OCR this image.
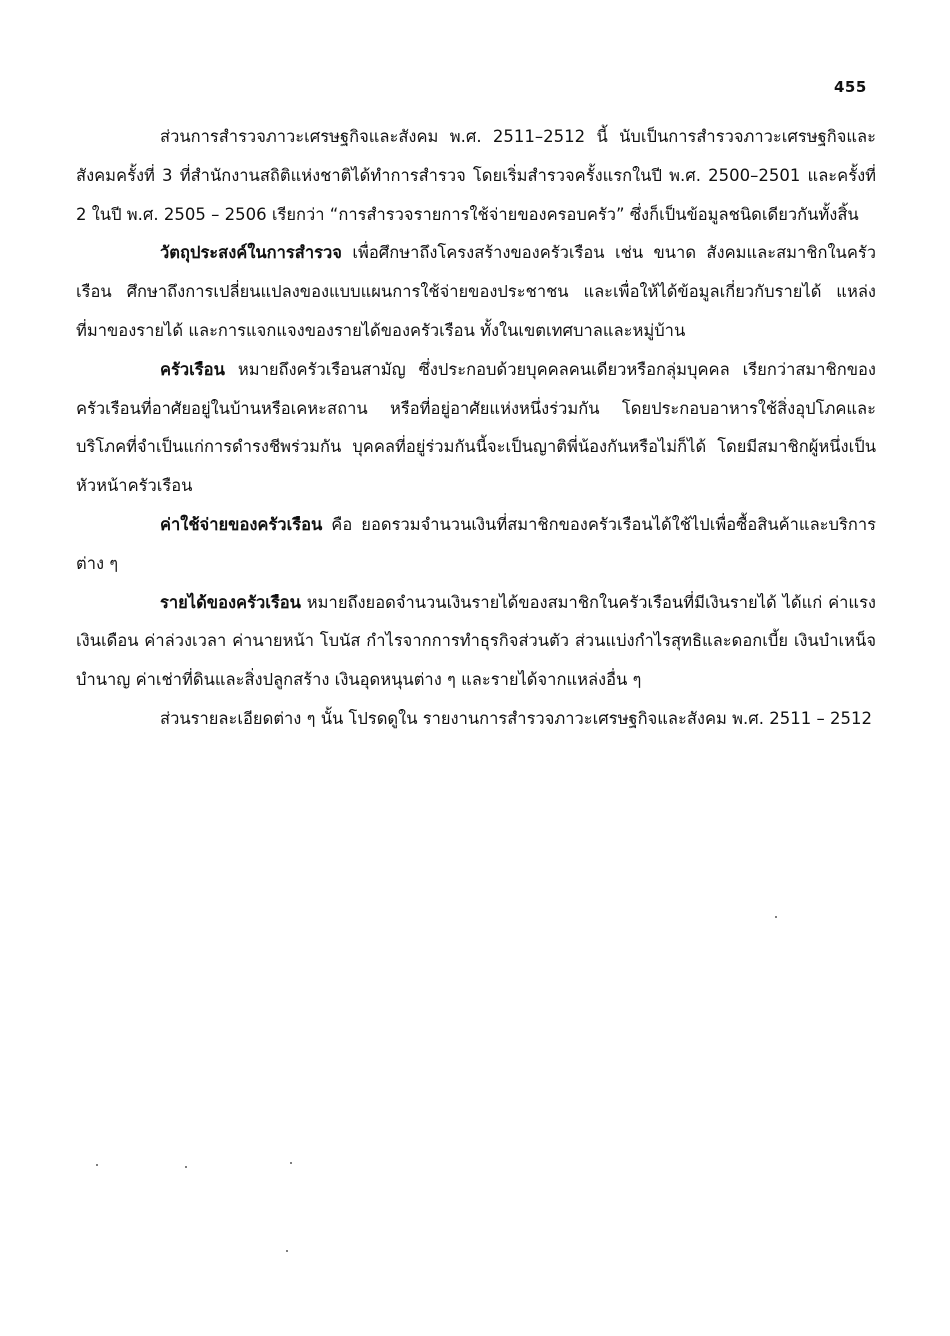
455

ส่วนการสำรวจภาวะเศรษฐกิจและสังคม พ.ศ. 2511–2512 นี้ นับเป็นการสำรวจภาวะเศรษฐกิจและสังคมครั้งที่ 3 ที่สำนักงานสถิติแห่งชาติได้ทำการสำรวจ โดยเริ่มสำรวจครั้งแรกในปี พ.ศ. 2500–2501 และครั้งที่ 2 ในปี พ.ศ. 2505 – 2506 เรียกว่า “การสำรวจรายการใช้จ่ายของครอบครัว” ซึ่งก็เป็นข้อมูลชนิดเดียวกันทั้งสิ้น

วัตถุประสงค์ในการสำรวจ เพื่อศึกษาถึงโครงสร้างของครัวเรือน เช่น ขนาด สังคมและสมาชิกในครัวเรือน ศึกษาถึงการเปลี่ยนแปลงของแบบแผนการใช้จ่ายของประชาชน และเพื่อให้ได้ข้อมูลเกี่ยวกับรายได้ แหล่งที่มาของรายได้ และการแจกแจงของรายได้ของครัวเรือน ทั้งในเขตเทศบาลและหมู่บ้าน

ครัวเรือน หมายถึงครัวเรือนสามัญ ซึ่งประกอบด้วยบุคคลคนเดียวหรือกลุ่มบุคคล เรียกว่าสมาชิกของครัวเรือนที่อาศัยอยู่ในบ้านหรือเคหะสถาน หรือที่อยู่อาศัยแห่งหนึ่งร่วมกัน โดยประกอบอาหารใช้สิ่งอุปโภคและบริโภคที่จำเป็นแก่การดำรงชีพร่วมกัน บุคคลที่อยู่ร่วมกันนี้จะเป็นญาติพี่น้องกันหรือไม่ก็ได้ โดยมีสมาชิกผู้หนึ่งเป็นหัวหน้าครัวเรือน

ค่าใช้จ่ายของครัวเรือน คือ ยอดรวมจำนวนเงินที่สมาชิกของครัวเรือนได้ใช้ไปเพื่อซื้อสินค้าและบริการต่าง ๆ

รายได้ของครัวเรือน หมายถึงยอดจำนวนเงินรายได้ของสมาชิกในครัวเรือนที่มีเงินรายได้ ได้แก่ ค่าแรง เงินเดือน ค่าล่วงเวลา ค่านายหน้า โบนัส กำไรจากการทำธุรกิจส่วนตัว ส่วนแบ่งกำไรสุทธิและดอกเบี้ย เงินบำเหน็จบำนาญ ค่าเช่าที่ดินและสิ่งปลูกสร้าง เงินอุดหนุนต่าง ๆ และรายได้จากแหล่งอื่น ๆ

ส่วนรายละเอียดต่าง ๆ นั้น โปรดดูใน รายงานการสำรวจภาวะเศรษฐกิจและสังคม พ.ศ. 2511 – 2512
